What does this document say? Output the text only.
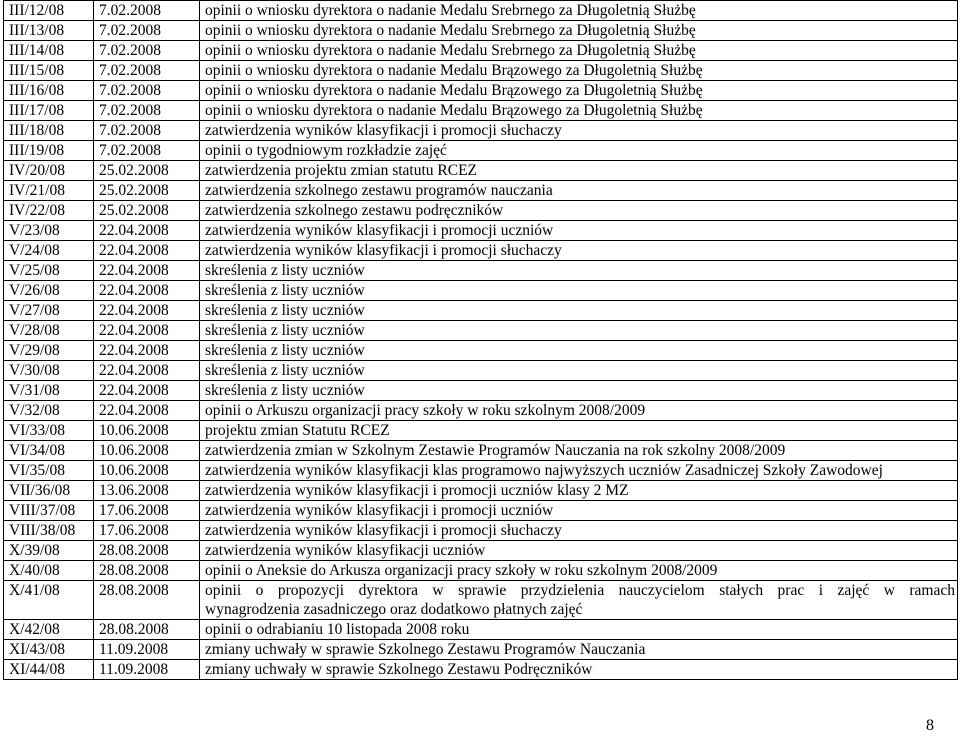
III/12/08	7.02.2008	opinii o wniosku dyrektora o nadanie Medalu Srebrnego za Długoletnią Służbę
III/13/08	7.02.2008	opinii o wniosku dyrektora o nadanie Medalu Srebrnego za Długoletnią Służbę
III/14/08	7.02.2008	opinii o wniosku dyrektora o nadanie Medalu Srebrnego za Długoletnią Służbę
III/15/08	7.02.2008	opinii o wniosku dyrektora o nadanie Medalu Brązowego za Długoletnią Służbę
III/16/08	7.02.2008	opinii o wniosku dyrektora o nadanie Medalu Brązowego za Długoletnią Służbę
III/17/08	7.02.2008	opinii o wniosku dyrektora o nadanie Medalu Brązowego za Długoletnią Służbę
III/18/08	7.02.2008	zatwierdzenia wyników klasyfikacji i promocji słuchaczy
III/19/08	7.02.2008	opinii o tygodniowym rozkładzie zajęć
IV/20/08	25.02.2008	zatwierdzenia projektu zmian statutu RCEZ
IV/21/08	25.02.2008	zatwierdzenia szkolnego zestawu programów nauczania
IV/22/08	25.02.2008	zatwierdzenia szkolnego zestawu podręczników
V/23/08	22.04.2008	zatwierdzenia wyników klasyfikacji i promocji uczniów
V/24/08	22.04.2008	zatwierdzenia wyników klasyfikacji i promocji słuchaczy
V/25/08	22.04.2008	skreślenia z listy uczniów
V/26/08	22.04.2008	skreślenia z listy uczniów
V/27/08	22.04.2008	skreślenia z listy uczniów
V/28/08	22.04.2008	skreślenia z listy uczniów
V/29/08	22.04.2008	skreślenia z listy uczniów
V/30/08	22.04.2008	skreślenia z listy uczniów
V/31/08	22.04.2008	skreślenia z listy uczniów
V/32/08	22.04.2008	opinii o Arkuszu organizacji pracy szkoły w roku szkolnym 2008/2009
VI/33/08	10.06.2008	projektu zmian Statutu RCEZ
VI/34/08	10.06.2008	zatwierdzenia zmian w Szkolnym Zestawie Programów Nauczania na rok szkolny 2008/2009
VI/35/08	10.06.2008	zatwierdzenia wyników klasyfikacji klas programowo najwyższych uczniów Zasadniczej Szkoły Zawodowej
VII/36/08	13.06.2008	zatwierdzenia wyników klasyfikacji i promocji uczniów klasy 2 MZ
VIII/37/08	17.06.2008	zatwierdzenia wyników klasyfikacji i promocji uczniów
VIII/38/08	17.06.2008	zatwierdzenia wyników klasyfikacji i promocji słuchaczy
X/39/08	28.08.2008	zatwierdzenia wyników klasyfikacji uczniów
X/40/08	28.08.2008	opinii o Aneksie do Arkusza organizacji pracy szkoły w roku szkolnym 2008/2009
X/41/08	28.08.2008	opinii o propozycji dyrektora w sprawie przydzielenia nauczycielom stałych prac i zajęć w ramach
wynagrodzenia zasadniczego oraz dodatkowo płatnych zajęć

X/42/08	28.08.2008	opinii o odrabianiu 10 listopada 2008 roku
XI/43/08	11.09.2008	zmiany uchwały w sprawie Szkolnego Zestawu Programów Nauczania
XI/44/08	11.09.2008	zmiany uchwały w sprawie Szkolnego Zestawu Podręczników
8
